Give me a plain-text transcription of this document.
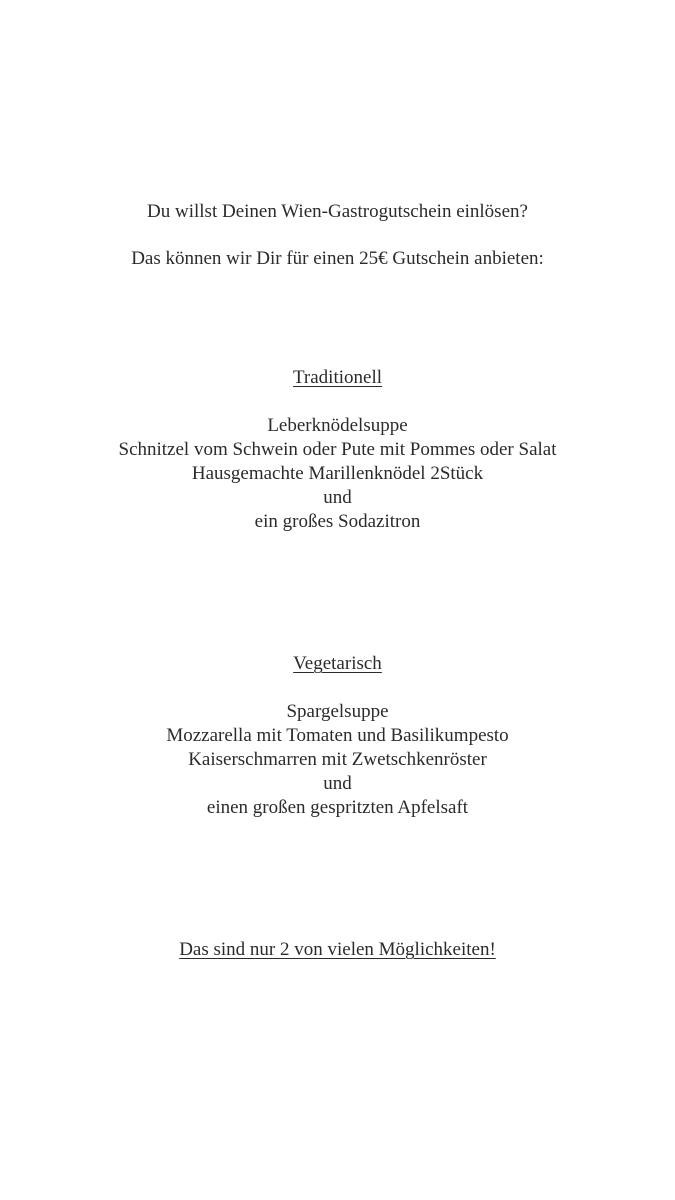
Du willst Deinen Wien-Gastrogutschein einlösen?
Das können wir Dir für einen 25€ Gutschein anbieten:
Traditionell
Leberknödelsuppe
Schnitzel vom Schwein oder Pute mit Pommes oder Salat
Hausgemachte Marillenknödel 2Stück
und
ein großes Sodazitron
Vegetarisch
Spargelsuppe
Mozzarella mit Tomaten und Basilikumpesto
Kaiserschmarren mit Zwetschkenröster
und
einen großen gespritzten Apfelsaft
Das sind nur 2 von vielen Möglichkeiten!
